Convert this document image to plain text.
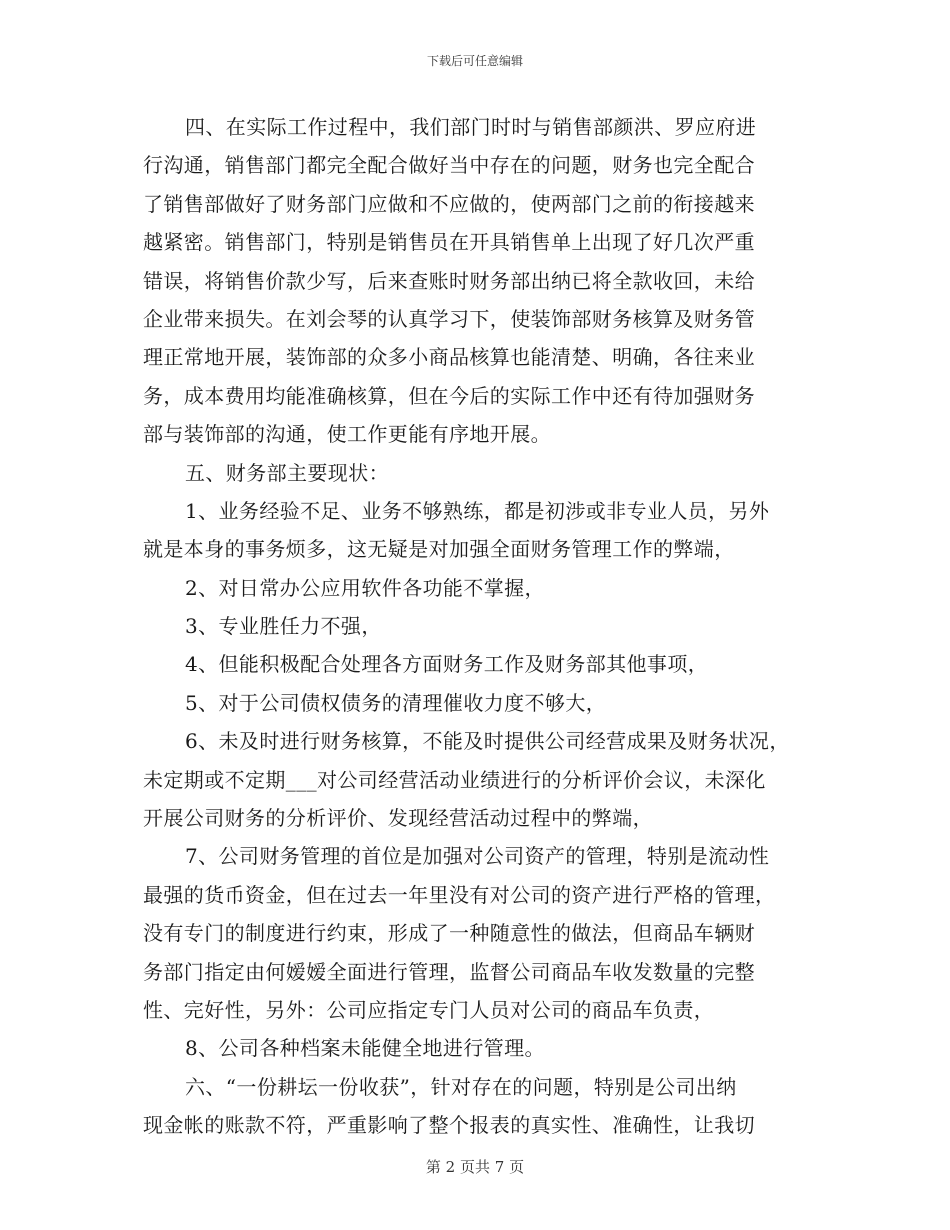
下载后可任意编辑
四、在实际工作过程中，我们部门时时与销售部颜洪、罗应府进
行沟通，销售部门都完全配合做好当中存在的问题，财务也完全配合
了销售部做好了财务部门应做和不应做的，使两部门之前的衔接越来
越紧密。销售部门，特别是销售员在开具销售单上出现了好几次严重
错误，将销售价款少写，后来查账时财务部出纳已将全款收回，未给
企业带来损失。在刘会琴的认真学习下，使装饰部财务核算及财务管
理正常地开展，装饰部的众多小商品核算也能清楚、明确，各往来业
务，成本费用均能准确核算，但在今后的实际工作中还有待加强财务
部与装饰部的沟通，使工作更能有序地开展。
五、财务部主要现状：
1、业务经验不足、业务不够熟练，都是初涉或非专业人员，另外
就是本身的事务烦多，这无疑是对加强全面财务管理工作的弊端，
2、对日常办公应用软件各功能不掌握，
3、专业胜任力不强，
4、但能积极配合处理各方面财务工作及财务部其他事项，
5、对于公司债权债务的清理催收力度不够大，
6、未及时进行财务核算，不能及时提供公司经营成果及财务状况，
未定期或不定期___对公司经营活动业绩进行的分析评价会议，未深化
开展公司财务的分析评价、发现经营活动过程中的弊端，
7、公司财务管理的首位是加强对公司资产的管理，特别是流动性
最强的货币资金，但在过去一年里没有对公司的资产进行严格的管理，
没有专门的制度进行约束，形成了一种随意性的做法，但商品车辆财
务部门指定由何嫒嫒全面进行管理，监督公司商品车收发数量的完整
性、完好性，另外：公司应指定专门人员对公司的商品车负责，
8、公司各种档案未能健全地进行管理。
六、“一份耕坛一份收获”，针对存在的问题，特别是公司出纳
现金帐的账款不符，严重影响了整个报表的真实性、准确性，让我切
第 2 页共 7 页
